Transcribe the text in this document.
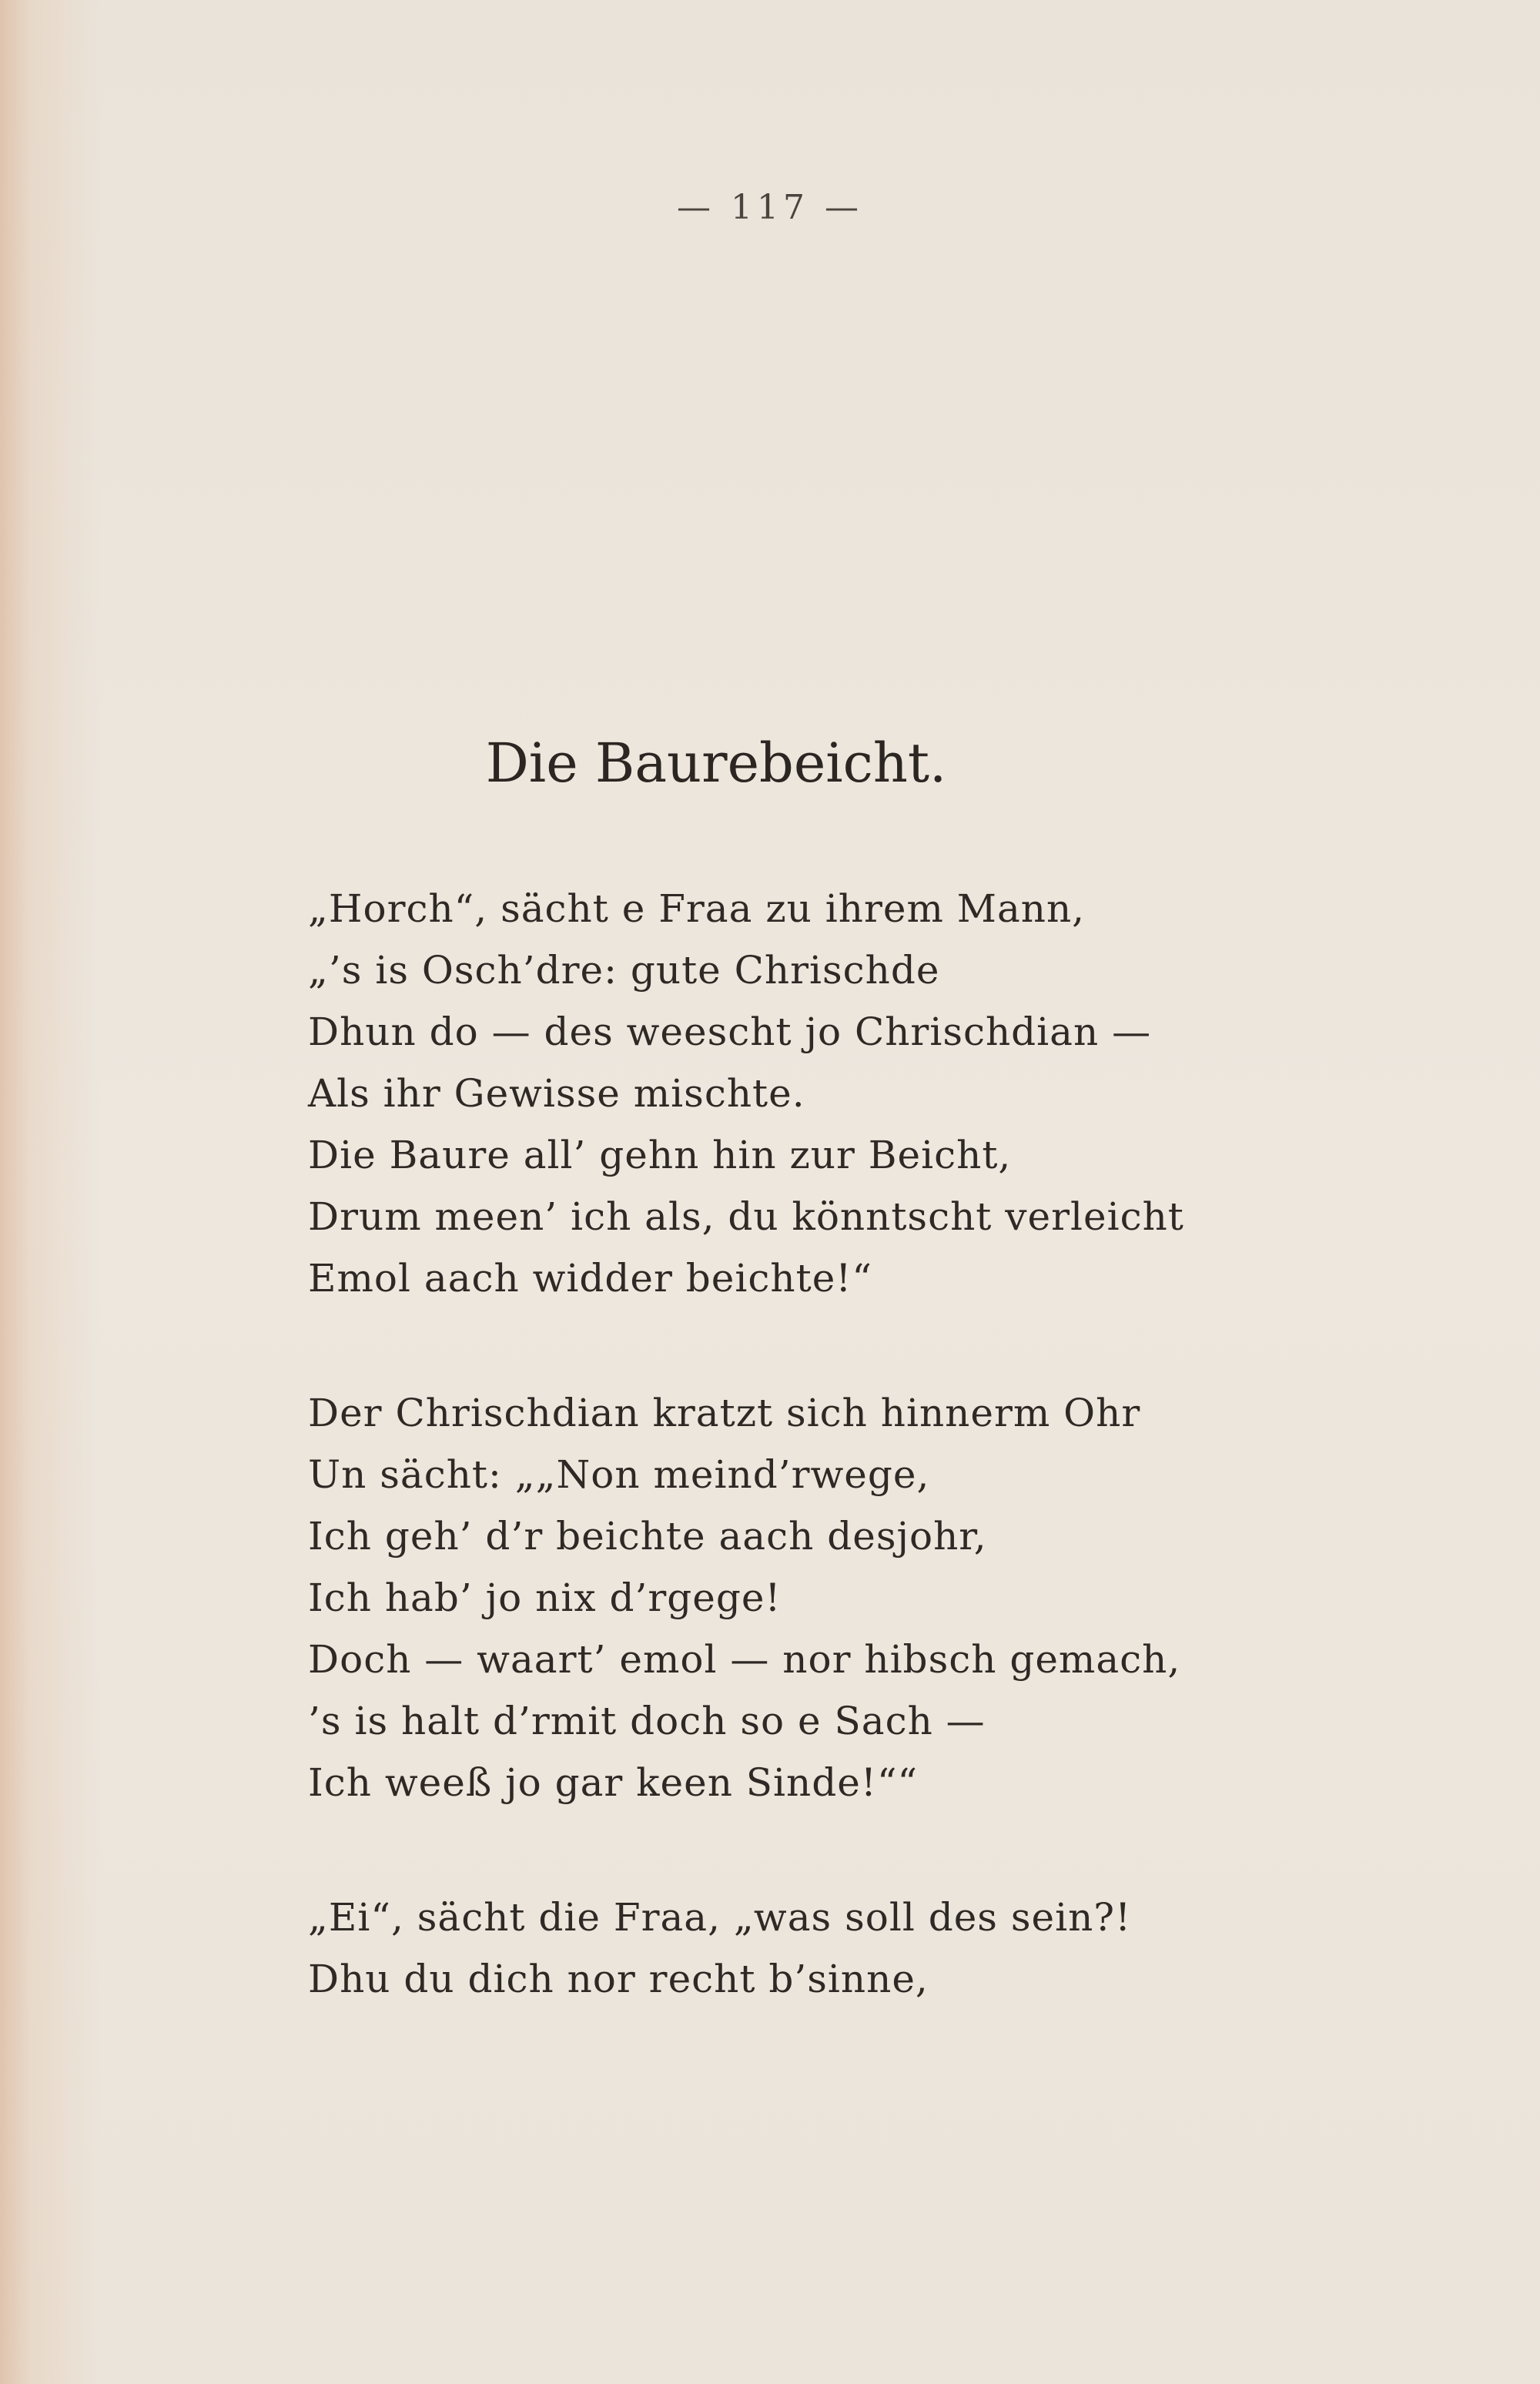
— 117 —
Die Baurebeicht.
„Horch“, sächt e Fraa zu ihrem Mann,
„’s is Osch’dre: gute Chrischde
Dhun do — des weescht jo Chrischdian —
Als ihr Gewisse mischte.
Die Baure all’ gehn hin zur Beicht,
Drum meen’ ich als, du könntscht verleicht
Emol aach widder beichte!“
Der Chrischdian kratzt sich hinnerm Ohr
Un sächt: „„Non meind’rwege,
Ich geh’ d’r beichte aach desjohr,
Ich hab’ jo nix d’rgege!
Doch — waart’ emol — nor hibsch gemach,
’s is halt d’rmit doch so e Sach —
Ich weeß jo gar keen Sinde!““
„Ei“, sächt die Fraa, „was soll des sein?!
Dhu du dich nor recht b’sinne,
